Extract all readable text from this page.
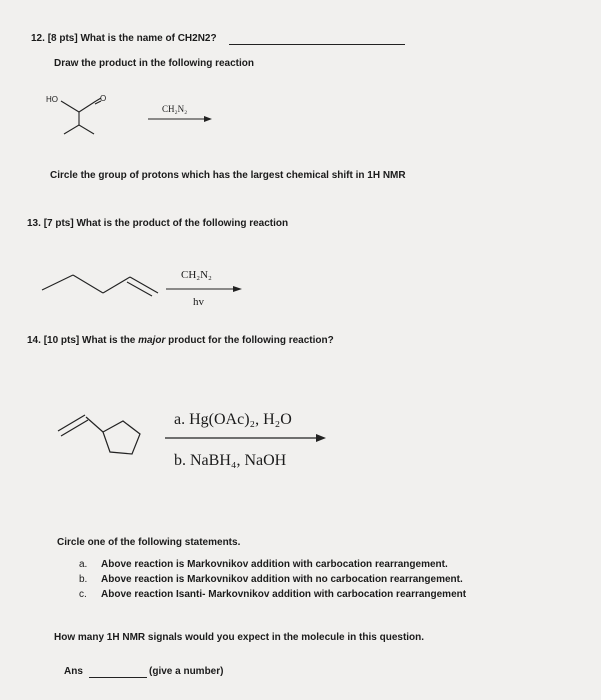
12. [8 pts] What is the name of CH2N2?
Draw the product in the following reaction
HO	O
CH₂N₂
Circle the group of protons which has the largest chemical shift in 1H NMR
13. [7 pts] What is the product of the following reaction
CH₂N₂
hv
14. [10 pts] What is the major product for the following reaction?
a. Hg(OAc)₂, H₂O
b. NaBH₄, NaOH
Circle one of the following statements.
a. Above reaction is Markovnikov addition with carbocation rearrangement.
b. Above reaction is Markovnikov addition with no carbocation rearrangement.
c. Above reaction Isanti- Markovnikov addition with carbocation rearrangement
How many 1H NMR signals would you expect in the molecule in this question.
Ans	(give a number)
